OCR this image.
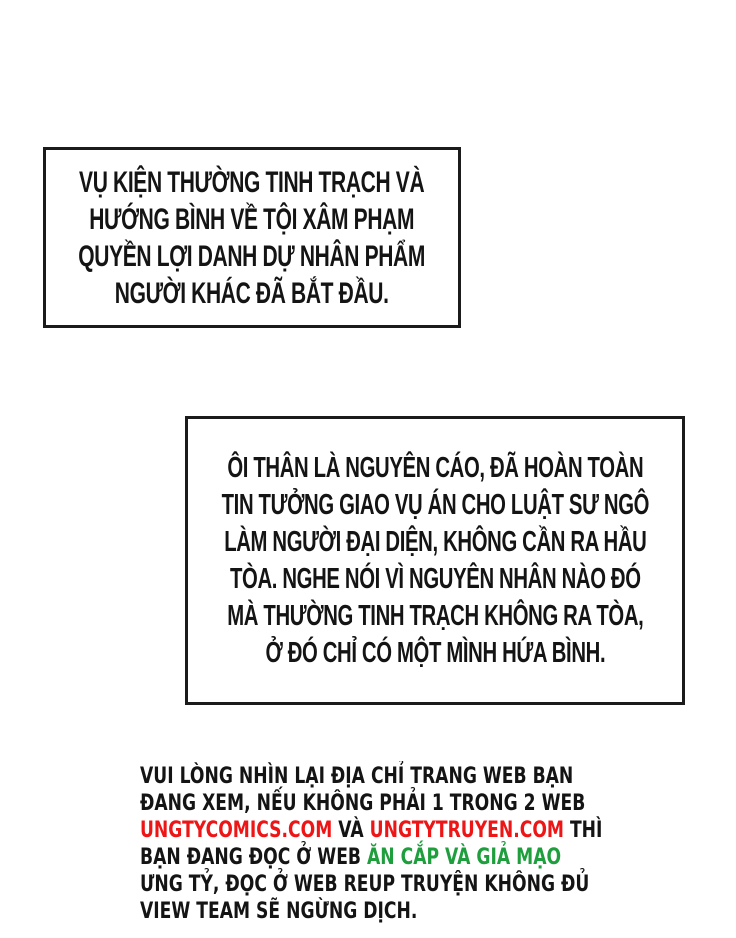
VỤ KIỆN THƯỜNG TINH TRẠCH VÀ
HƯỚNG BÌNH VỀ TỘI XÂM PHẠM
QUYỀN LỢI DANH DỰ NHÂN PHẨM
NGƯỜI KHÁC ĐÃ BẮT ĐẦU.
ÔI THÂN LÀ NGUYÊN CÁO, ĐÃ HOÀN TOÀN
TIN TƯỞNG GIAO VỤ ÁN CHO LUẬT SƯ NGÔ
LÀM NGƯỜI ĐẠI DIỆN, KHÔNG CẦN RA HẦU
TÒA. NGHE NÓI VÌ NGUYÊN NHÂN NÀO ĐÓ
MÀ THƯỜNG TINH TRẠCH KHÔNG RA TÒA,
Ở ĐÓ CHỈ CÓ MỘT MÌNH HỨA BÌNH.
VUI LÒNG NHÌN LẠI ĐỊA CHỈ TRANG WEB BẠN
ĐANG XEM, NẾU KHÔNG PHẢI 1 TRONG 2 WEB
UNGTYCOMICS.COM VÀ UNGTYTRUYEN.COM THÌ
BẠN ĐANG ĐỌC Ở WEB ĂN CẮP VÀ GIẢ MẠO
ƯNG TỶ, ĐỌC Ở WEB REUP TRUYỆN KHÔNG ĐỦ
VIEW TEAM SẼ NGỪNG DỊCH.
